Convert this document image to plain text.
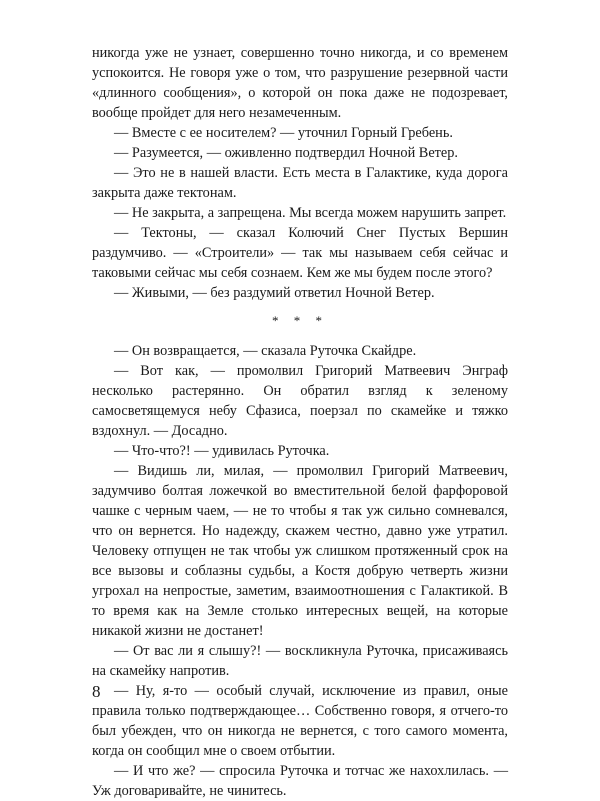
никогда уже не узнает, совершенно точно никогда, и со временем успокоится. Не говоря уже о том, что разрушение резервной части «длинного сообщения», о которой он пока даже не подозревает, вообще пройдет для него незамеченным.

— Вместе с ее носителем? — уточнил Горный Гребень.

— Разумеется, — оживленно подтвердил Ночной Ветер.

— Это не в нашей власти. Есть места в Галактике, куда дорога закрыта даже тектонам.

— Не закрыта, а запрещена. Мы всегда можем нарушить запрет.

— Тектоны, — сказал Колючий Снег Пустых Вершин раздумчиво. — «Строители» — так мы называем себя сейчас и таковыми сейчас мы себя сознаем. Кем же мы будем после этого?

— Живыми, — без раздумий ответил Ночной Ветер.

* * *

— Он возвращается, — сказала Руточка Скайдре.

— Вот как, — промолвил Григорий Матвеевич Энграф несколько растерянно. Он обратил взгляд к зеленому самосветящемуся небу Сфазиса, поерзал по скамейке и тяжко вздохнул. — Досадно.

— Что-что?! — удивилась Руточка.

— Видишь ли, милая, — промолвил Григорий Матвеевич, задумчиво болтая ложечкой во вместительной белой фарфоровой чашке с черным чаем, — не то чтобы я так уж сильно сомневался, что он вернется. Но надежду, скажем честно, давно уже утратил. Человеку отпущен не так чтобы уж слишком протяженный срок на все вызовы и соблазны судьбы, а Костя добрую четверть жизни угрохал на непростые, заметим, взаимоотношения с Галактикой. В то время как на Земле столько интересных вещей, на которые никакой жизни не достанет!

— От вас ли я слышу?! — воскликнула Руточка, присаживаясь на скамейку напротив.

— Ну, я-то — особый случай, исключение из правил, оные правила только подтверждающее… Собственно говоря, я отчего-то был убежден, что он никогда не вернется, с того самого момента, когда он сообщил мне о своем отбытии.

— И что же? — спросила Руточка и тотчас же нахохлилась. — Уж договаривайте, не чинитесь.

8
